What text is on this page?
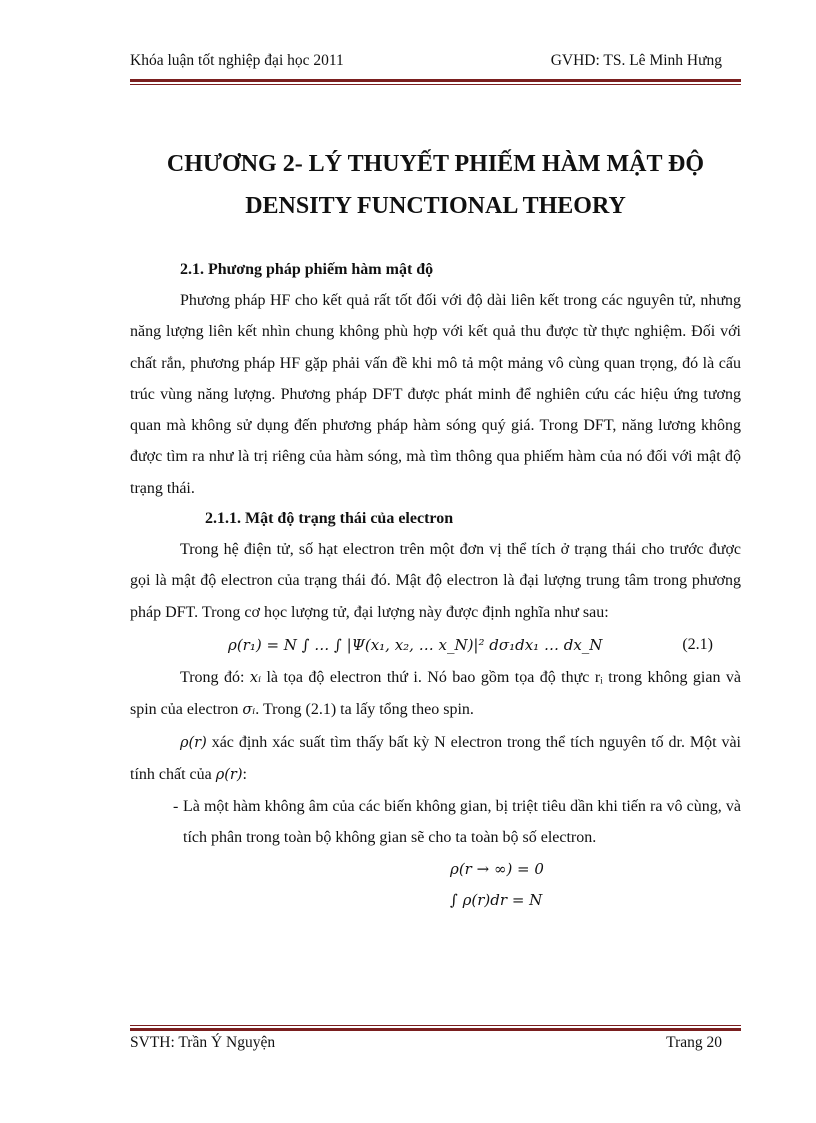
Khóa luận tốt nghiệp đại học 2011	GVHD: TS. Lê Minh Hưng
CHƯƠNG 2- LÝ THUYẾT PHIẾM HÀM MẬT ĐỘ
DENSITY FUNCTIONAL THEORY
2.1. Phương pháp phiếm hàm mật độ

Phương pháp HF cho kết quả rất tốt đối với độ dài liên kết trong các nguyên tử, nhưng năng lượng liên kết nhìn chung không phù hợp với kết quả thu được từ thực nghiệm. Đối với chất rắn, phương pháp HF gặp phải vấn đề khi mô tả một mảng vô cùng quan trọng, đó là cấu trúc vùng năng lượng. Phương pháp DFT được phát minh để nghiên cứu các hiệu ứng tương quan mà không sử dụng đến phương pháp hàm sóng quý giá. Trong DFT, năng lương không được tìm ra như là trị riêng của hàm sóng, mà tìm thông qua phiếm hàm của nó đối với mật độ trạng thái.

2.1.1. Mật độ trạng thái của electron

Trong hệ điện tử, số hạt electron trên một đơn vị thể tích ở trạng thái cho trước được gọi là mật độ electron của trạng thái đó. Mật độ electron là đại lượng trung tâm trong phương pháp DFT. Trong cơ học lượng tử, đại lượng này được định nghĩa như sau:

ρ(r₁) = N ∫ … ∫ |Ψ(x₁, x₂, … x_N)|² dσ₁dx₁ … dx_N	(2.1)

Trong đó: xᵢ là tọa độ electron thứ i. Nó bao gồm tọa độ thực rᵢ trong không gian và spin của electron σᵢ. Trong (2.1) ta lấy tổng theo spin.

ρ(r) xác định xác suất tìm thấy bất kỳ N electron trong thể tích nguyên tố dr. Một vài tính chất của ρ(r):

- Là một hàm không âm của các biến không gian, bị triệt tiêu dần khi tiến ra vô cùng, và tích phân trong toàn bộ không gian sẽ cho ta toàn bộ số electron.
ρ(r → ∞) = 0
∫ ρ(r)dr = N
SVTH: Trần Ý Nguyện	Trang 20
